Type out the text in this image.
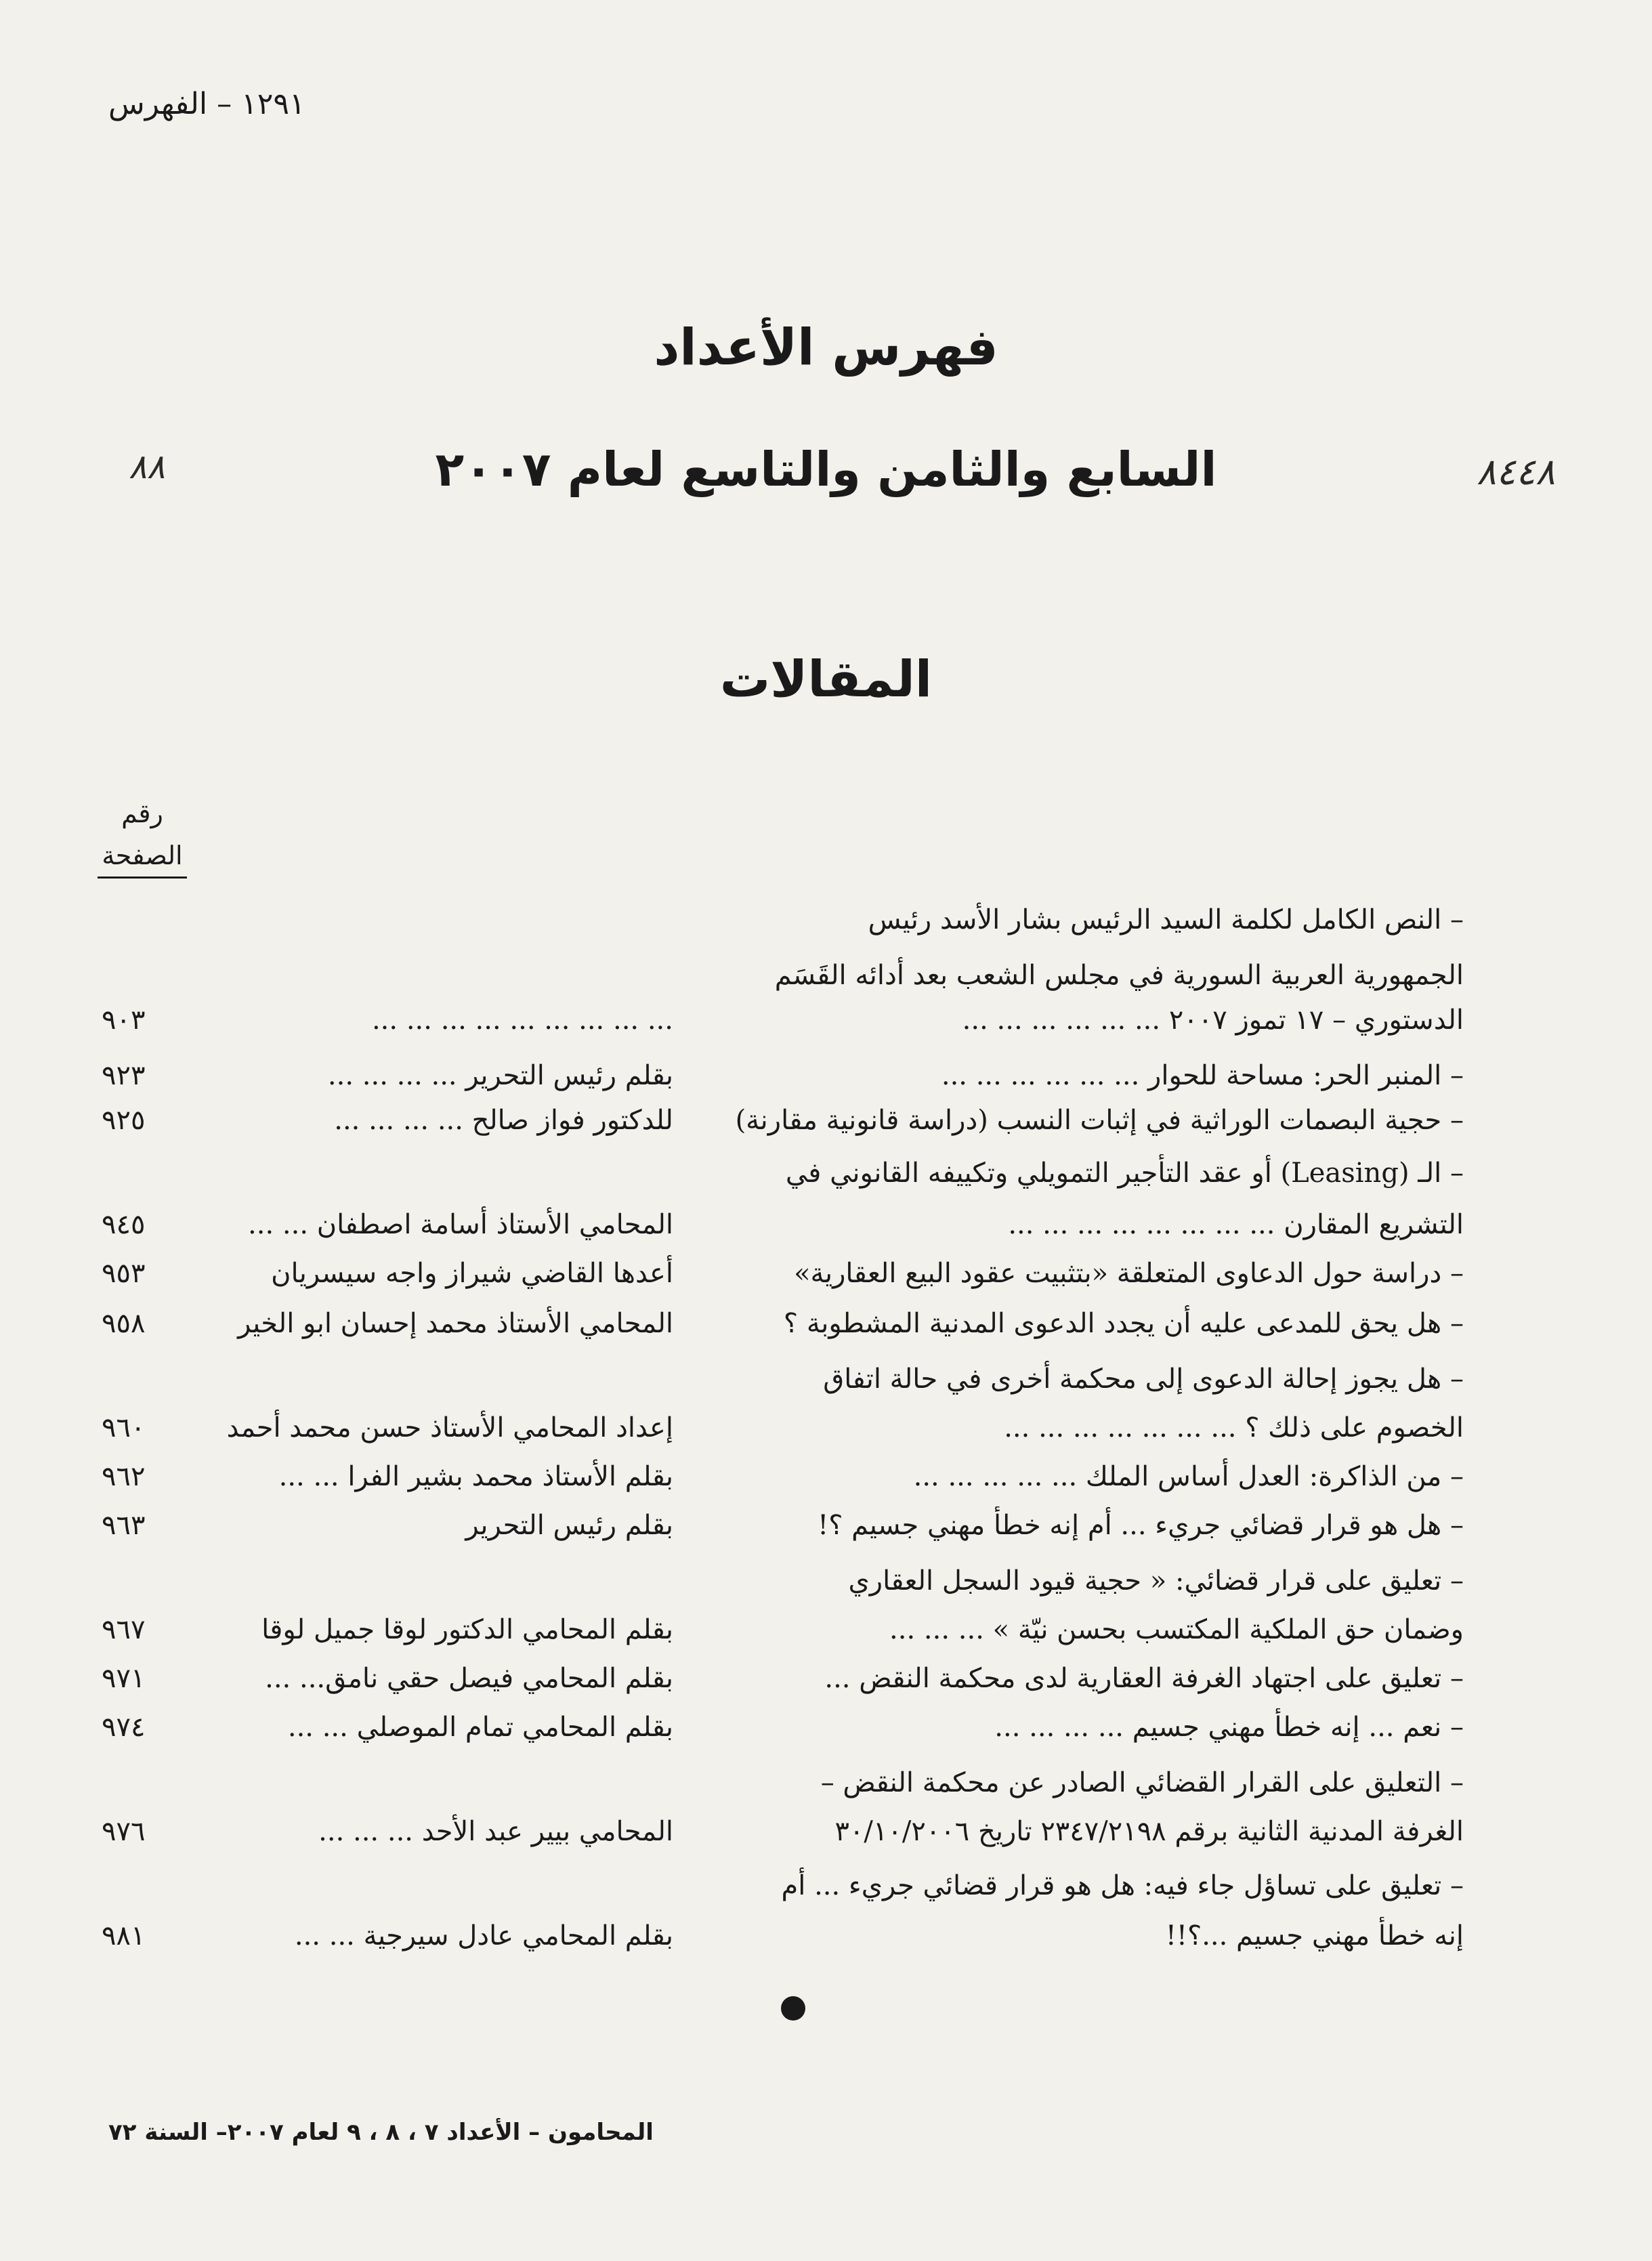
١٢٩١ – الفهرس
٨٨	٨٤٤٨
فهرس الأعداد
السابع والثامن والتاسع لعام ٢٠٠٧
المقالات
رقم
الصفحة
– النص الكامل لكلمة السيد الرئيس بشار الأسد رئيس
الجمهورية العربية السورية في مجلس الشعب بعد أدائه القَسَم
الدستوري – ١٧ تموز ٢٠٠٧ ... ... ... ... ... ...
... ... ... ... ... ... ... ... ...
٩٠٣
– المنبر الحر: مساحة للحوار ... ... ... ... ... ...
بقلم رئيس التحرير ... ... ... ...
٩٢٣
– حجية البصمات الوراثية في إثبات النسب (دراسة قانونية مقارنة)
للدكتور فواز صالح ... ... ... ...
٩٢٥
– الـ (Leasing) أو عقد التأجير التمويلي وتكييفه القانوني في
التشريع المقارن ... ... ... ... ... ... ... ...
المحامي الأستاذ أسامة اصطفان ... ...
٩٤٥
– دراسة حول الدعاوى المتعلقة «بتثبيت عقود البيع العقارية»
أعدها القاضي شيراز واجه سيسريان
٩٥٣
– هل يحق للمدعى عليه أن يجدد الدعوى المدنية المشطوبة ؟
المحامي الأستاذ محمد إحسان ابو الخير
٩٥٨
– هل يجوز إحالة الدعوى إلى محكمة أخرى في حالة اتفاق
الخصوم على ذلك ؟ ... ... ... ... ... ... ...
إعداد المحامي الأستاذ حسن محمد أحمد
٩٦٠
– من الذاكرة: العدل أساس الملك ... ... ... ... ...
بقلم الأستاذ محمد بشير الفرا ... ...
٩٦٢
– هل هو قرار قضائي جريء ... أم إنه خطأ مهني جسيم ؟!
بقلم رئيس التحرير
٩٦٣
– تعليق على قرار قضائي: « حجية قيود السجل العقاري
وضمان حق الملكية المكتسب بحسن نيّة » ... ... ...
بقلم المحامي الدكتور لوقا جميل لوقا
٩٦٧
– تعليق على اجتهاد الغرفة العقارية لدى محكمة النقض ...
بقلم المحامي فيصل حقي نامق... ...
٩٧١
– نعم ... إنه خطأ مهني جسيم ... ... ... ...
بقلم المحامي تمام الموصلي ... ...
٩٧٤
– التعليق على القرار القضائي الصادر عن محكمة النقض –
الغرفة المدنية الثانية برقم ٢٣٤٧/٢١٩٨ تاريخ ٣٠/١٠/٢٠٠٦
المحامي بيير عبد الأحد ... ... ...
٩٧٦
– تعليق على تساؤل جاء فيه: هل هو قرار قضائي جريء ... أم
إنه خطأ مهني جسيم ...؟!!
بقلم المحامي عادل سيرجية ... ...
٩٨١
المحامون – الأعداد ٧ ، ٨ ، ٩ لعام ٢٠٠٧– السنة ٧٢
